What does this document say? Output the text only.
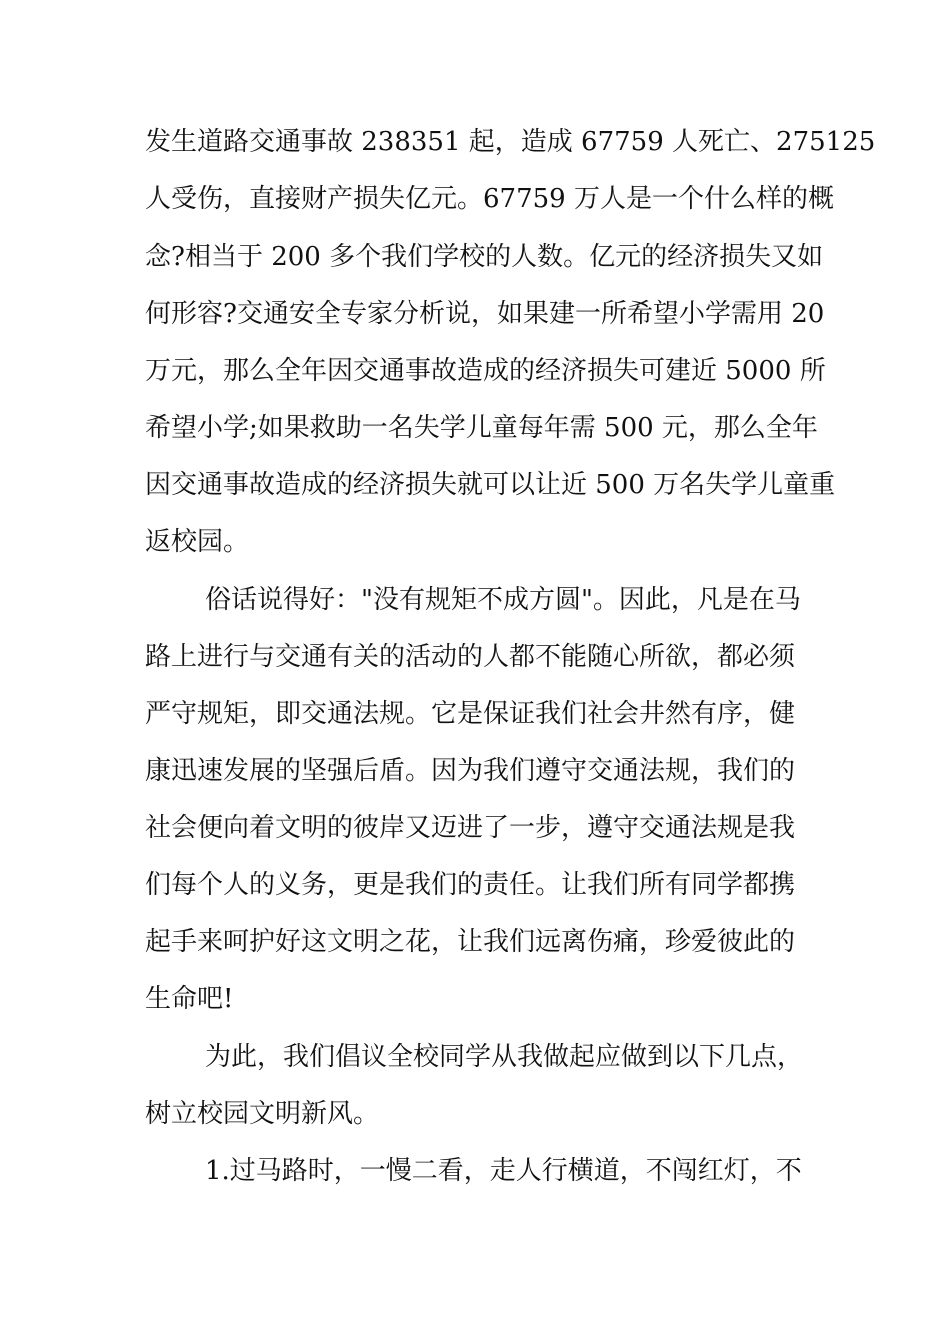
发生道路交通事故 238351 起，造成 67759 人死亡、275125
人受伤，直接财产损失亿元。67759 万人是一个什么样的概
念?相当于 200 多个我们学校的人数。亿元的经济损失又如
何形容?交通安全专家分析说，如果建一所希望小学需用 20
万元，那么全年因交通事故造成的经济损失可建近 5000 所
希望小学;如果救助一名失学儿童每年需 500 元，那么全年
因交通事故造成的经济损失就可以让近 500 万名失学儿童重
返校园。
俗话说得好："没有规矩不成方圆"。因此，凡是在马
路上进行与交通有关的活动的人都不能随心所欲，都必须
严守规矩，即交通法规。它是保证我们社会井然有序，健
康迅速发展的坚强后盾。因为我们遵守交通法规，我们的
社会便向着文明的彼岸又迈进了一步，遵守交通法规是我
们每个人的义务，更是我们的责任。让我们所有同学都携
起手来呵护好这文明之花，让我们远离伤痛，珍爱彼此的
生命吧!
为此，我们倡议全校同学从我做起应做到以下几点，
树立校园文明新风。
1.过马路时，一慢二看，走人行横道，不闯红灯，不
